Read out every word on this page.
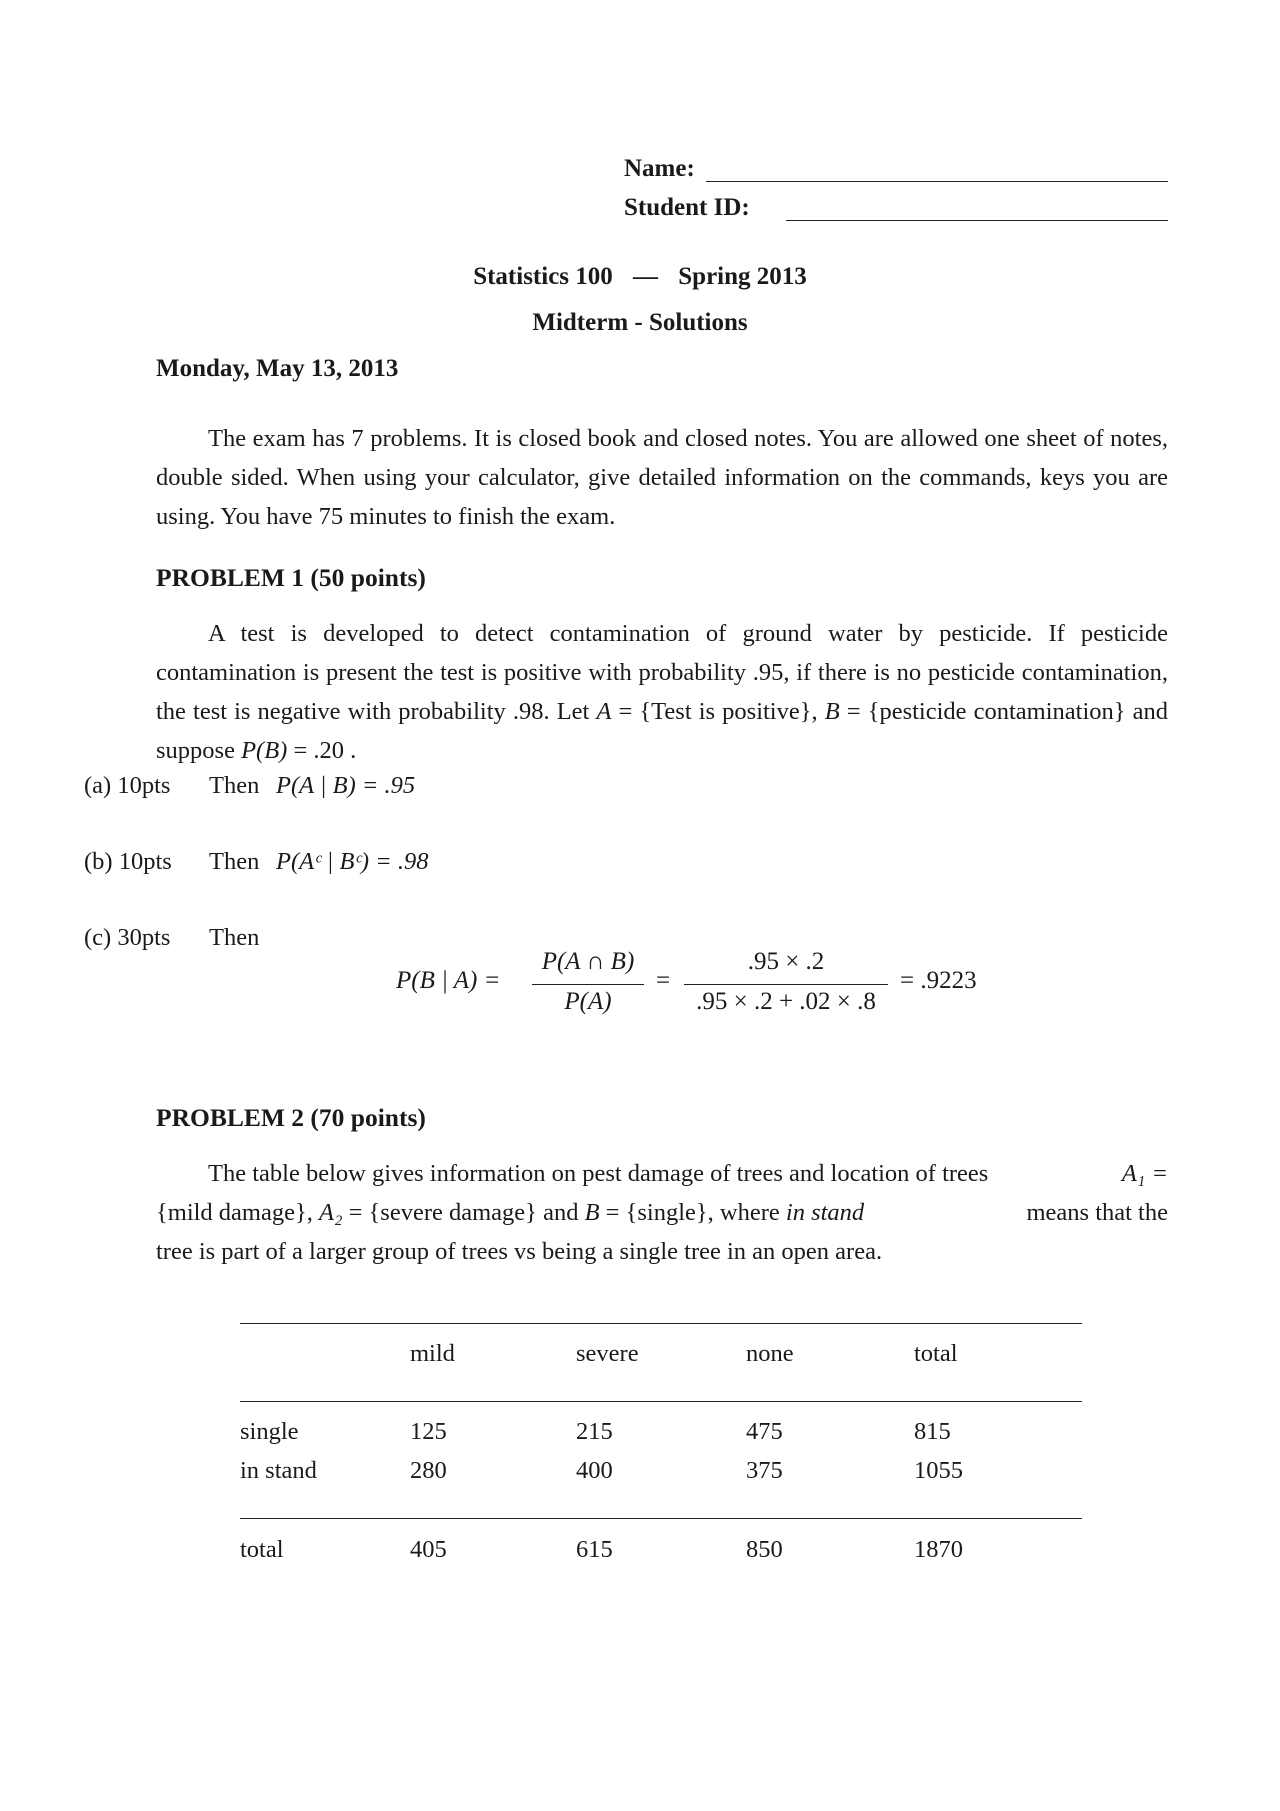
Name:
Student ID:
Statistics 100 — Spring 2013
Midterm - Solutions
Monday, May 13, 2013
The exam has 7 problems. It is closed book and closed notes. You are allowed one sheet of notes, double sided. When using your calculator, give detailed information on the commands, keys you are using. You have 75 minutes to finish the exam.
PROBLEM 1 (50 points)
A test is developed to detect contamination of ground water by pesticide. If pesticide contamination is present the test is positive with probability .95, if there is no pesticide contamination, the test is negative with probability .98. Let A = {Test is positive}, B = {pesticide contamination} and suppose P(B) = .20 .
(a) 10pts Then P(A | B) = .95
(b) 10pts Then P(Aᶜ | Bᶜ) = .98
(c) 30pts Then
P(B | A) =
P(A ∩ B)
P(A)
=
.95 × .2
.95 × .2 + .02 × .8
= .9223
PROBLEM 2 (70 points)
The table below gives information on pest damage of trees and location of trees	A₁ =
{mild damage}, A₂ = {severe damage} and B = {single}, where in stand	means that the
tree is part of a larger group of trees vs being a single tree in an open area.
mild	severe	none	total
single	125	215	475	815
in stand	280	400	375	1055
total	405	615	850	1870
